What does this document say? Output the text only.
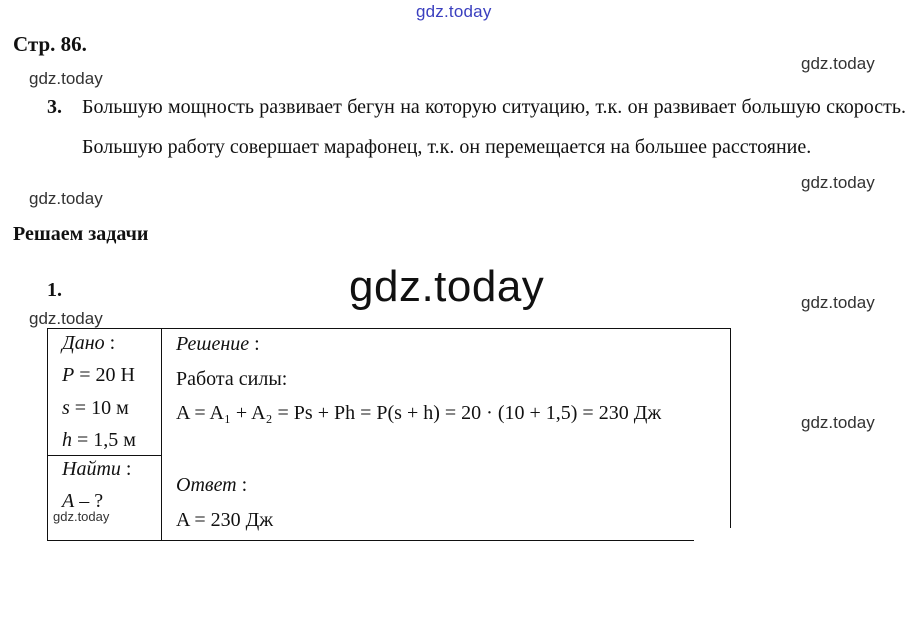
gdz.today
gdz.today
gdz.today
gdz.today
gdz.today
gdz.today	gdz.today
gdz.today
gdz.today
Стр. 86.
3. Большую мощность развивает бегун на которую ситуацию, т.к. он развивает большую скорость. Большую работу совершает марафонец, т.к. он перемещается на большее расстояние.
Решаем задачи
1.
Дано :
P = 20 Н
s = 10 м
h = 1,5 м
Найти :
A – ?
gdz.today
Решение :
Работа силы:
A = A₁ + A₂ = Ps + Ph = P(s + h) = 20 · (10 + 1,5) = 230 Дж
Ответ :
A = 230 Дж
